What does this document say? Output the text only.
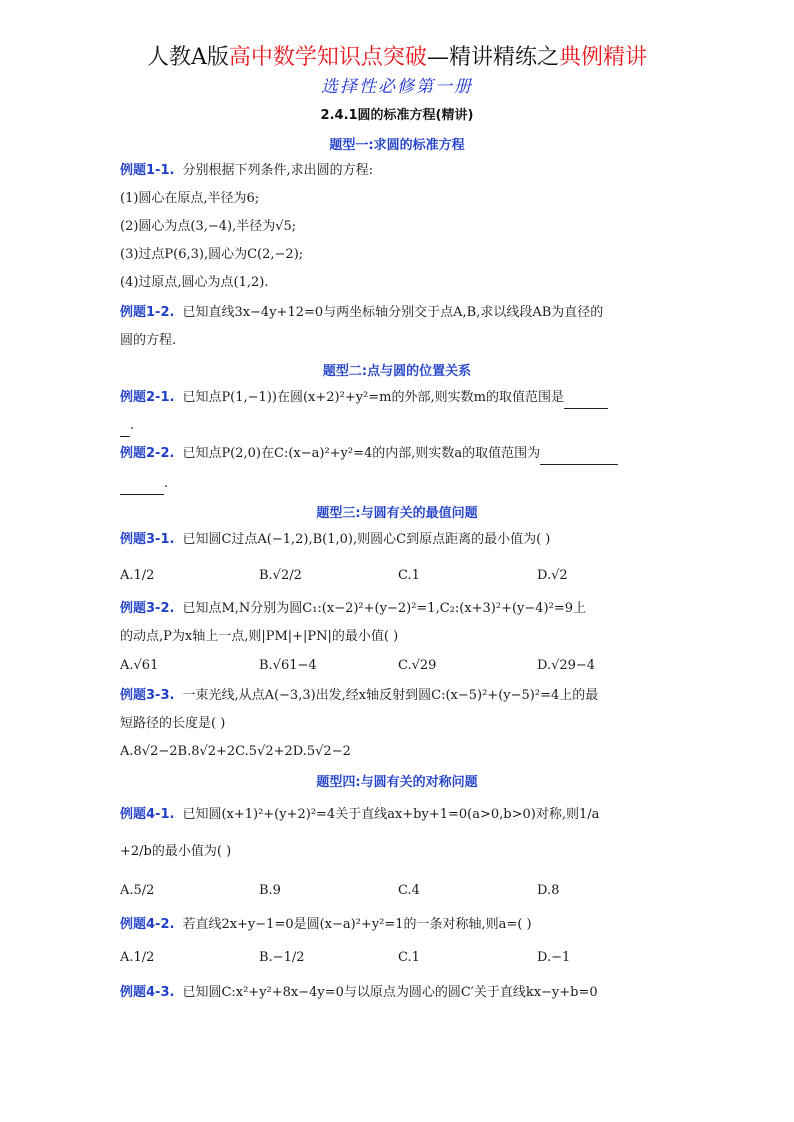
人教A版高中数学知识点突破—精讲精练之典例精讲
选择性必修第一册
2.4.1圆的标准方程(精讲)
题型一:求圆的标准方程
例题1-1. 分别根据下列条件,求出圆的方程:
(1)圆心在原点,半径为6;
(2)圆心为点(3,−4),半径为√5;
(3)过点P(6,3),圆心为C(2,−2);
(4)过原点,圆心为点(1,2).
例题1-2. 已知直线3x−4y+12=0与两坐标轴分别交于点A,B,求以线段AB为直径的
圆的方程.
题型二:点与圆的位置关系
例题2-1. 已知点P(1,−1))在圆(x+2)²+y²=m的外部,则实数m的取值范围是
.
例题2-2. 已知点P(2,0)在C:(x−a)²+y²=4的内部,则实数a的取值范围为
.
题型三:与圆有关的最值问题
例题3-1. 已知圆C过点A(−1,2),B(1,0),则圆心C到原点距离的最小值为( )
A.1/2	B.√2/2	C.1	D.√2
例题3-2. 已知点M,N分别为圆C₁:(x−2)²+(y−2)²=1,C₂:(x+3)²+(y−4)²=9上
的动点,P为x轴上一点,则|PM|+|PN|的最小值( )
A.√61	B.√61−4	C.√29	D.√29−4
例题3-3. 一束光线,从点A(−3,3)出发,经x轴反射到圆C:(x−5)²+(y−5)²=4上的最
短路径的长度是( )
A.8√2−2B.8√2+2C.5√2+2D.5√2−2
题型四:与圆有关的对称问题
例题4-1. 已知圆(x+1)²+(y+2)²=4关于直线ax+by+1=0(a>0,b>0)对称,则1/a
+2/b的最小值为( )
A.5/2	B.9	C.4	D.8
例题4-2. 若直线2x+y−1=0是圆(x−a)²+y²=1的一条对称轴,则a=( )
A.1/2	B.−1/2	C.1	D.−1
例题4-3. 已知圆C:x²+y²+8x−4y=0与以原点为圆心的圆C′关于直线kx−y+b=0
